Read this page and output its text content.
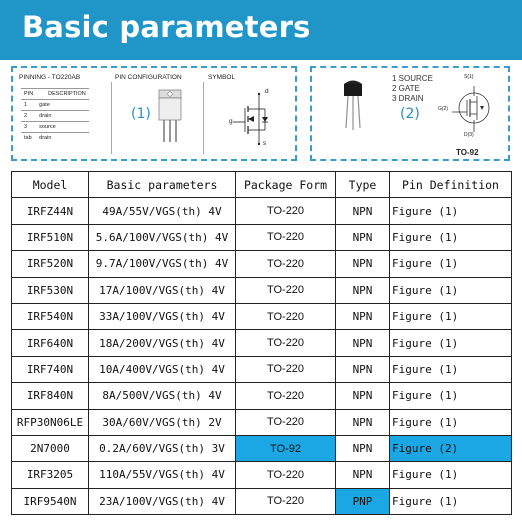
Basic parameters
PINNING - TO220AB	PIN CONFIGURATION	SYMBOL
PIN	DESCRIPTION
1	gate
2	drain
3	source
tab	drain
(1)	g
d
s
1 SOURCE
2 GATE
3 DRAIN
(2)
S(1)
G(2)
D(3)
TO-92
Model	Basic parameters	Package Form	Type	Pin Definition
IRFZ44N	49A/55V/VGS(th) 4V	TO-220	NPN	Figure (1)
IRF510N	5.6A/100V/VGS(th) 4V	TO-220	NPN	Figure (1)
IRF520N	9.7A/100V/VGS(th) 4V	TO-220	NPN	Figure (1)
IRF530N	17A/100V/VGS(th) 4V	TO-220	NPN	Figure (1)
IRF540N	33A/100V/VGS(th) 4V	TO-220	NPN	Figure (1)
IRF640N	18A/200V/VGS(th) 4V	TO-220	NPN	Figure (1)
IRF740N	10A/400V/VGS(th) 4V	TO-220	NPN	Figure (1)
IRF840N	8A/500V/VGS(th) 4V	TO-220	NPN	Figure (1)
RFP30N06LE	30A/60V/VGS(th) 2V	TO-220	NPN	Figure (1)
2N7000	0.2A/60V/VGS(th) 3V	TO-92	NPN	Figure (2)
IRF3205	110A/55V/VGS(th) 4V	TO-220	NPN	Figure (1)
IRF9540N	23A/100V/VGS(th) 4V	TO-220	PNP	Figure (1)
